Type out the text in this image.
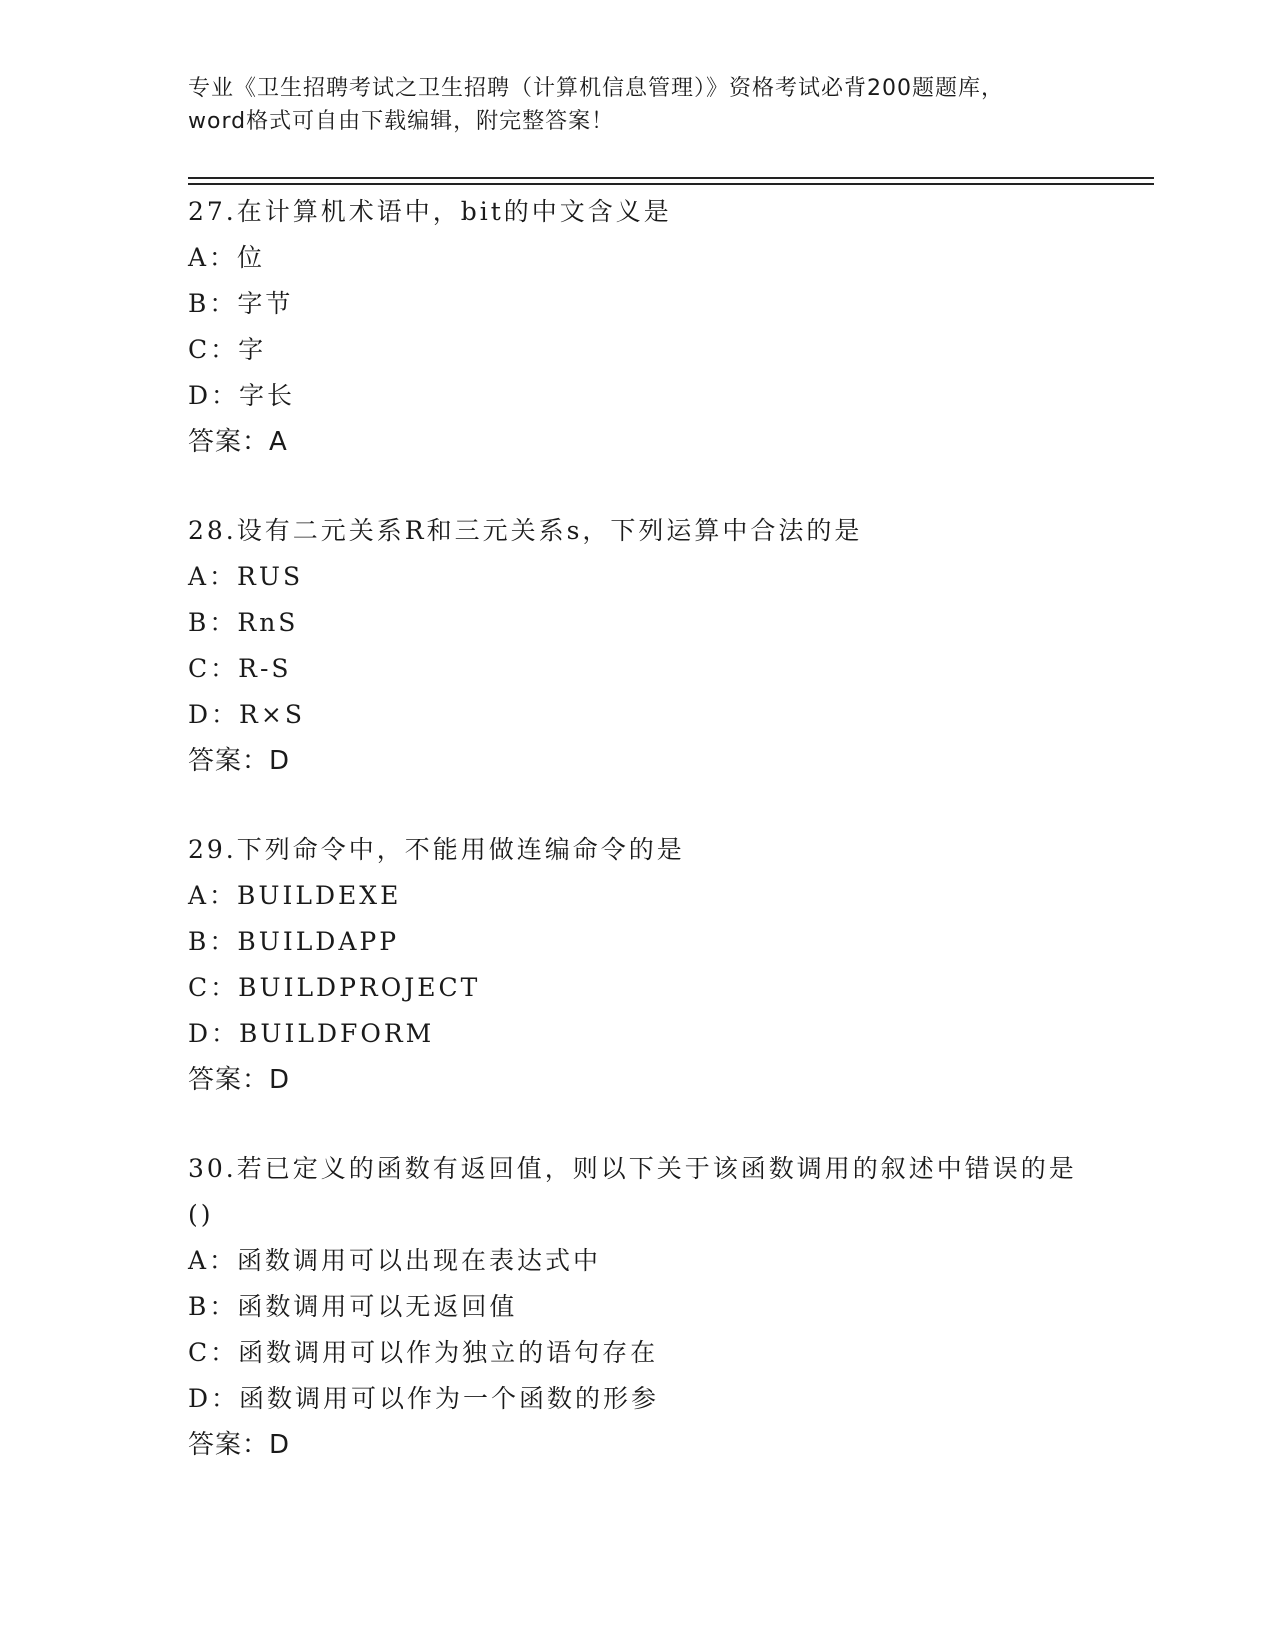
专业《卫生招聘考试之卫生招聘（计算机信息管理）》资格考试必背200题题库，
word格式可自由下载编辑，附完整答案！
27.在计算机术语中，bit的中文含义是
A：位
B：字节
C：字
D：字长
答案：A
28.设有二元关系R和三元关系s，下列运算中合法的是
A：RUS
B：RnS
C：R-S
D：R×S
答案：D
29.下列命令中，不能用做连编命令的是
A：BUILDEXE
B：BUILDAPP
C：BUILDPROJECT
D：BUILDFORM
答案：D
30.若已定义的函数有返回值，则以下关于该函数调用的叙述中错误的是()
A：函数调用可以出现在表达式中
B：函数调用可以无返回值
C：函数调用可以作为独立的语句存在
D：函数调用可以作为一个函数的形参
答案：D
